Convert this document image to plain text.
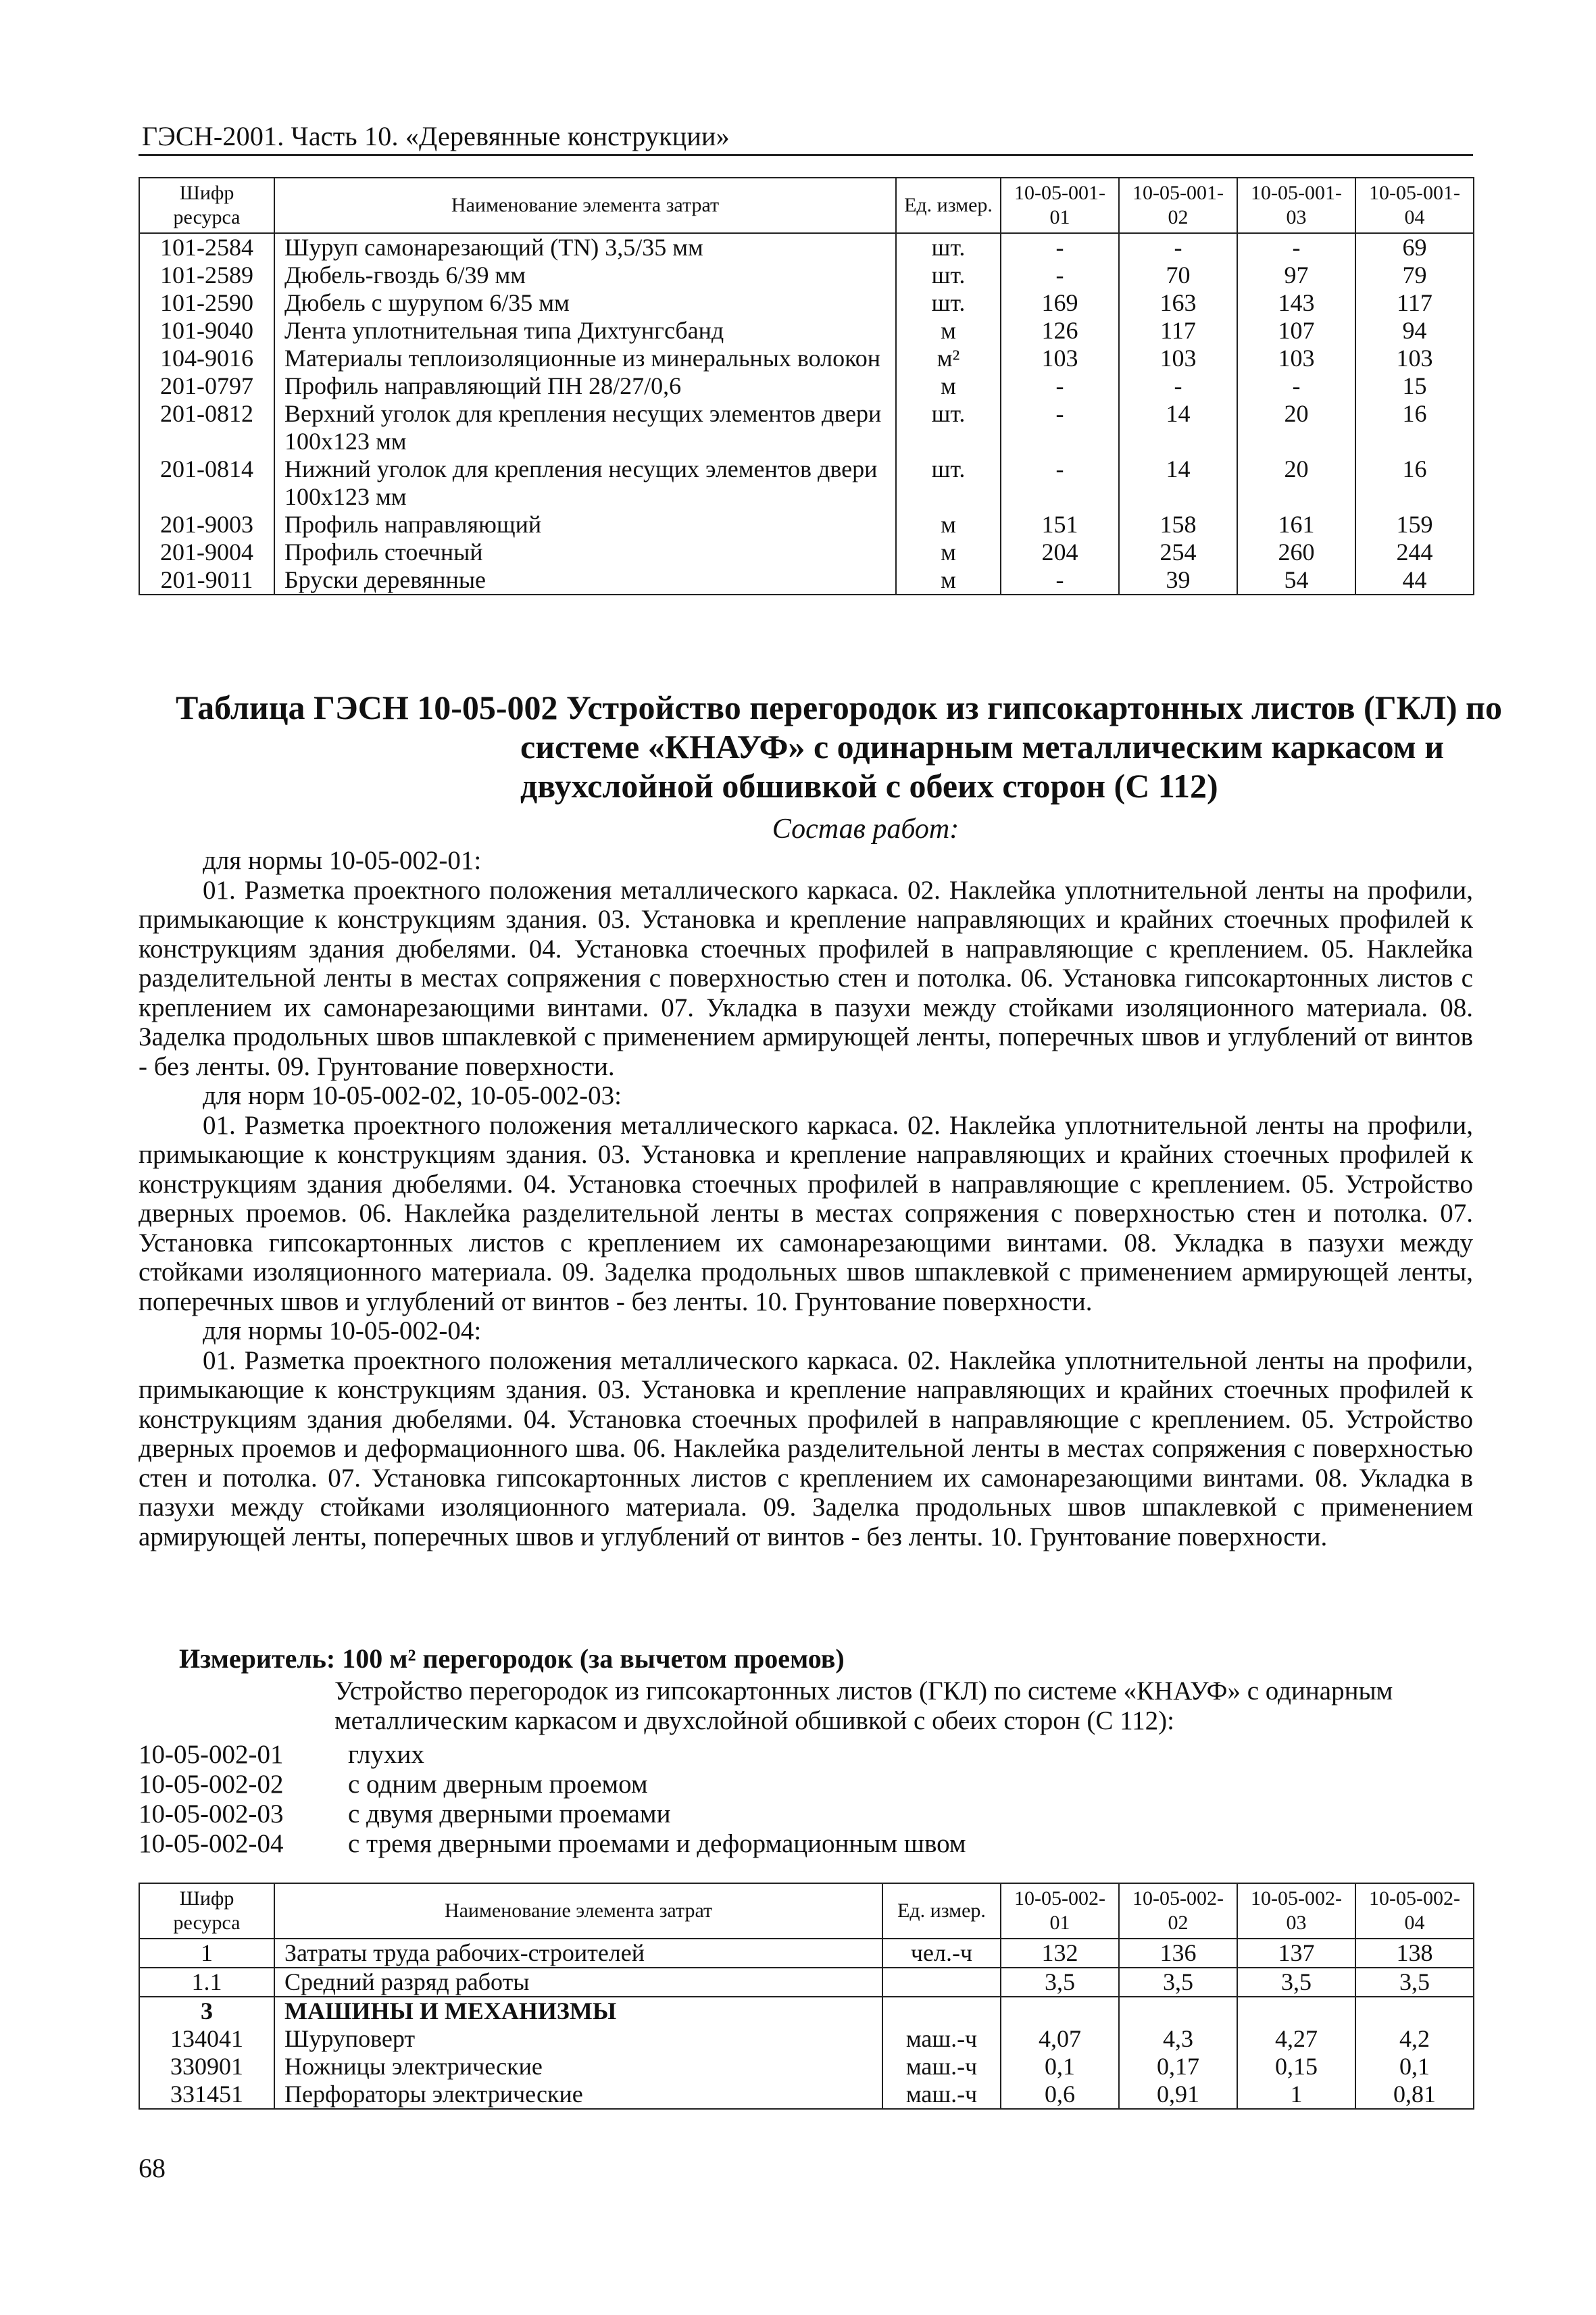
ГЭСН-2001. Часть 10. «Деревянные конструкции»
Шифр ресурса	Наименование элемента затрат	Ед. измер.	10-05-001-01	10-05-001-02	10-05-001-03	10-05-001-04
101-2584	Шуруп самонарезающий (TN) 3,5/35 мм	шт.	-	-	-	69
101-2589	Дюбель-гвоздь 6/39 мм	шт.	-	70	97	79
101-2590	Дюбель с шурупом 6/35 мм	шт.	169	163	143	117
101-9040	Лента уплотнительная типа Дихтунгсбанд	м	126	117	107	94
104-9016	Материалы теплоизоляционные из минеральных волокон	м²	103	103	103	103
201-0797	Профиль направляющий ПН 28/27/0,6	м	-	-	-	15
201-0812	Верхний уголок для крепления несущих элементов двери 100х123 мм	шт.	-	14	20	16
201-0814	Нижний уголок для крепления несущих элементов двери 100х123 мм	шт.	-	14	20	16
201-9003	Профиль направляющий	м	151	158	161	159
201-9004	Профиль стоечный	м	204	254	260	244
201-9011	Бруски деревянные	м	-	39	54	44
Таблица ГЭСН 10-05-002 Устройство перегородок из гипсокартонных листов (ГКЛ) по
системе «КНАУФ» с одинарным металлическим каркасом и
двухслойной обшивкой с обеих сторон (С 112)
Состав работ:
для нормы 10-05-002-01:

01. Разметка проектного положения металлического каркаса. 02. Наклейка уплотнительной ленты на профили, примыкающие к конструкциям здания. 03. Установка и крепление направляющих и крайних стоечных профилей к конструкциям здания дюбелями. 04. Установка стоечных профилей в направляющие с креплением. 05. Наклейка разделительной ленты в местах сопряжения с поверхностью стен и потолка. 06. Установка гипсокартонных листов с креплением их самонарезающими винтами. 07. Укладка в пазухи между стойками изоляционного материала. 08. Заделка продольных швов шпаклевкой с применением армирующей ленты, поперечных швов и углублений от винтов - без ленты. 09. Грунтование поверхности.

для норм 10-05-002-02, 10-05-002-03:

01. Разметка проектного положения металлического каркаса. 02. Наклейка уплотнительной ленты на профили, примыкающие к конструкциям здания. 03. Установка и крепление направляющих и крайних стоечных профилей к конструкциям здания дюбелями. 04. Установка стоечных профилей в направляющие с креплением. 05. Устройство дверных проемов. 06. Наклейка разделительной ленты в местах сопряжения с поверхностью стен и потолка. 07. Установка гипсокартонных листов с креплением их самонарезающими винтами. 08. Укладка в пазухи между стойками изоляционного материала. 09. Заделка продольных швов шпаклевкой с применением армирующей ленты, поперечных швов и углублений от винтов - без ленты. 10. Грунтование поверхности.

для нормы 10-05-002-04:

01. Разметка проектного положения металлического каркаса. 02. Наклейка уплотнительной ленты на профили, примыкающие к конструкциям здания. 03. Установка и крепление направляющих и крайних стоечных профилей к конструкциям здания дюбелями. 04. Установка стоечных профилей в направляющие с креплением. 05. Устройство дверных проемов и деформационного шва. 06. Наклейка разделительной ленты в местах сопряжения с поверхностью стен и потолка. 07. Установка гипсокартонных листов с креплением их самонарезающими винтами. 08. Укладка в пазухи между стойками изоляционного материала. 09. Заделка продольных швов шпаклевкой с применением армирующей ленты, поперечных швов и углублений от винтов - без ленты. 10. Грунтование поверхности.

Измеритель: 100 м² перегородок (за вычетом проемов)
Устройство перегородок из гипсокартонных листов (ГКЛ) по системе «КНАУФ» с одинарным металлическим каркасом и двухслойной обшивкой с обеих сторон (С 112):
10-05-002-01	глухих
10-05-002-02	с одним дверным проемом
10-05-002-03	с двумя дверными проемами
10-05-002-04	с тремя дверными проемами и деформационным швом
Шифр ресурса	Наименование элемента затрат	Ед. измер.	10-05-002-01	10-05-002-02	10-05-002-03	10-05-002-04
1	Затраты труда рабочих-строителей	чел.-ч	132	136	137	138
1.1	Средний разряд работы		3,5	3,5	3,5	3,5
3	МАШИНЫ И МЕХАНИЗМЫ					
134041	Шуруповерт	маш.-ч	4,07	4,3	4,27	4,2
330901	Ножницы электрические	маш.-ч	0,1	0,17	0,15	0,1
331451	Перфораторы электрические	маш.-ч	0,6	0,91	1	0,81
68
